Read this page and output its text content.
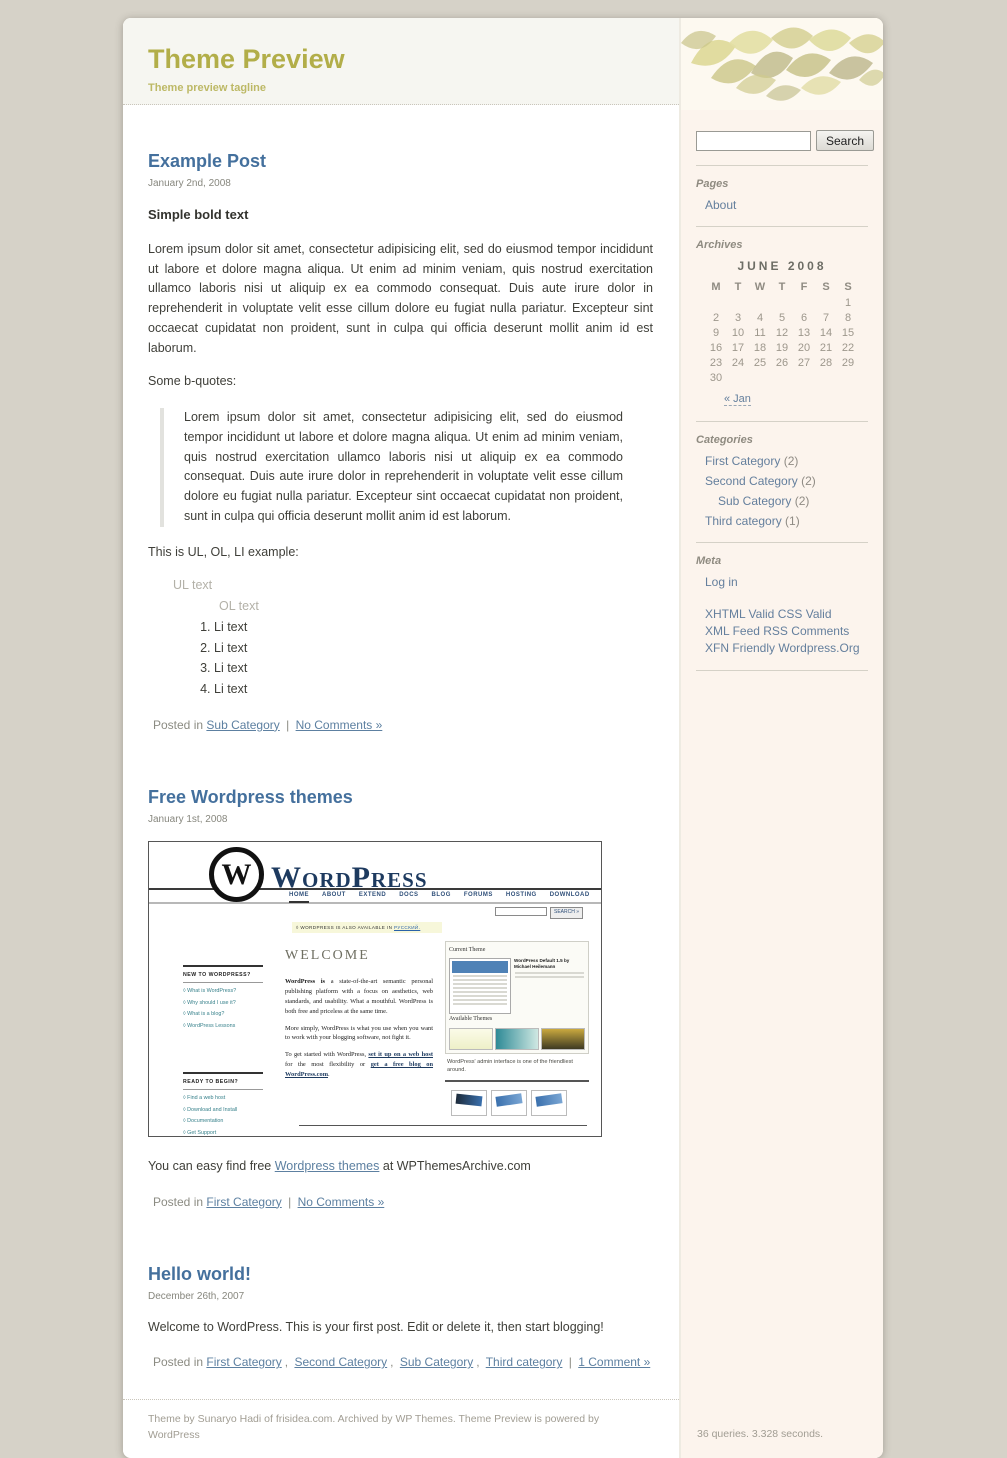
Theme Preview
Theme preview tagline
Example Post
January 2nd, 2008

Simple bold text

Lorem ipsum dolor sit amet, consectetur adipisicing elit, sed do eiusmod tempor incididunt ut labore et dolore magna aliqua. Ut enim ad minim veniam, quis nostrud exercitation ullamco laboris nisi ut aliquip ex ea commodo consequat. Duis aute irure dolor in reprehenderit in voluptate velit esse cillum dolore eu fugiat nulla pariatur. Excepteur sint occaecat cupidatat non proident, sunt in culpa qui officia deserunt mollit anim id est laborum.

Some b-quotes:

Lorem ipsum dolor sit amet, consectetur adipisicing elit, sed do eiusmod tempor incididunt ut labore et dolore magna aliqua. Ut enim ad minim veniam, quis nostrud exercitation ullamco laboris nisi ut aliquip ex ea commodo consequat. Duis aute irure dolor in reprehenderit in voluptate velit esse cillum dolore eu fugiat nulla pariatur. Excepteur sint occaecat cupidatat non proident, sunt in culpa qui officia deserunt mollit anim id est laborum.

This is UL, OL, LI example:

UL text
OL text
1. Li text
2. Li text
3. Li text
4. Li text
Posted in Sub Category | No Comments »
Free Wordpress themes
January 1st, 2008
W WORDPRESS
HOME ABOUT EXTEND DOCS BLOG FORUMS HOSTING DOWNLOAD
SEARCH »
◊ WORDPRESS IS ALSO AVAILABLE IN РУССКИЙ.
NEW TO WORDPRESS?
◊ What is WordPress?
◊ Why should I use it?
◊ What is a blog?
◊ WordPress Lessons
READY TO BEGIN?
◊ Find a web host
◊ Download and Install
◊ Documentation
◊ Get Support
WELCOME

WordPress is a state-of-the-art semantic personal publishing platform with a focus on aesthetics, web standards, and usability. What a mouthful. WordPress is both free and priceless at the same time.

More simply, WordPress is what you use when you want to work with your blogging software, not fight it.

To get started with WordPress, set it up on a web host for the most flexibility or get a free blog on WordPress.com.

Current Theme
WordPress Default 1.5 by Michael Heilemann
Available Themes
WordPress' admin interface is one of the friendliest around.

You can easy find free Wordpress themes at WPThemesArchive.com

Posted in First Category | No Comments »
Hello world!
December 26th, 2007

Welcome to WordPress. This is your first post. Edit or delete it, then start blogging!

Posted in First Category , Second Category , Sub Category , Third category | 1 Comment »
Theme by Sunaryo Hadi of frisidea.com. Archived by WP Themes. Theme Preview is powered by WordPress
Search
Pages
About
Archives
JUNE 2008
M	T	W	T	F	S	S
						1
2	3	4	5	6	7	8
9	10	11	12	13	14	15
16	17	18	19	20	21	22
23	24	25	26	27	28	29
30						
« Jan
Categories
First Category (2)
Second Category (2)
Sub Category (2)
Third category (1)
Meta
Log in
XHTML Valid CSS Valid
XML Feed RSS Comments
XFN Friendly Wordpress.Org
36 queries. 3.328 seconds.
